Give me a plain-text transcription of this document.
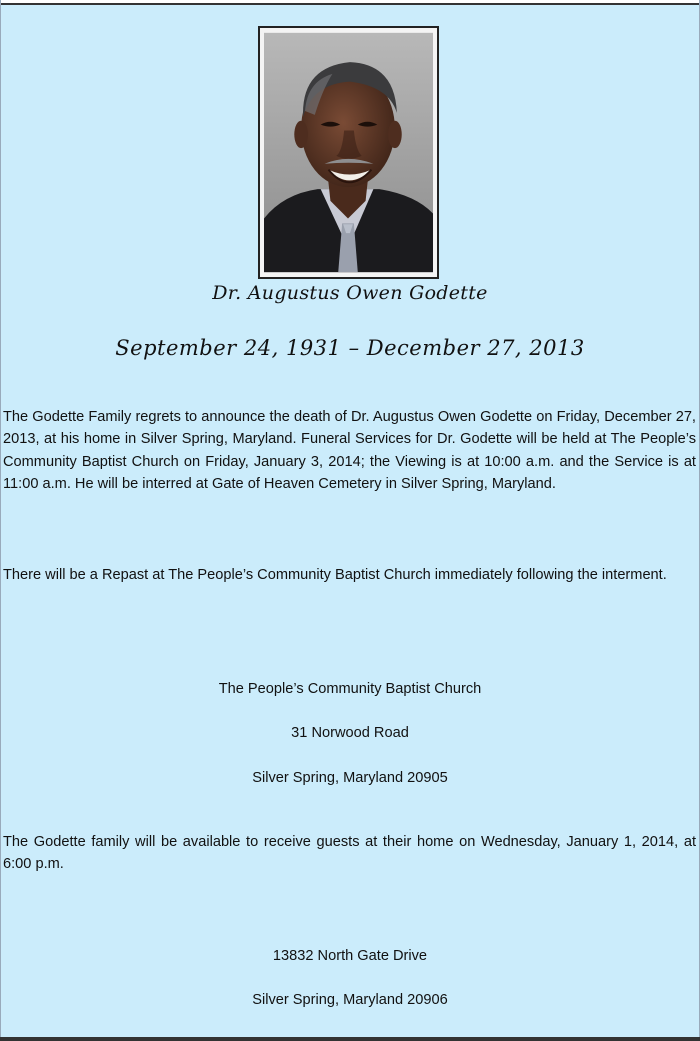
Dr. Augustus Owen Godette
September 24, 1931 – December 27, 2013

The Godette Family regrets to announce the death of Dr. Augustus Owen Godette on Friday, December 27, 2013, at his home in Silver Spring, Maryland. Funeral Services for Dr. Godette will be held at The People’s Community Baptist Church on Friday, January 3, 2014; the Viewing is at 10:00 a.m. and the Service is at 11:00 a.m. He will be interred at Gate of Heaven Cemetery in Silver Spring, Maryland.

There will be a Repast at The People’s Community Baptist Church immediately following the interment.

The People’s Community Baptist Church
31 Norwood Road
Silver Spring, Maryland 20905

The Godette family will be available to receive guests at their home on Wednesday, January 1, 2014, at 6:00 p.m.

13832 North Gate Drive
Silver Spring, Maryland 20906
